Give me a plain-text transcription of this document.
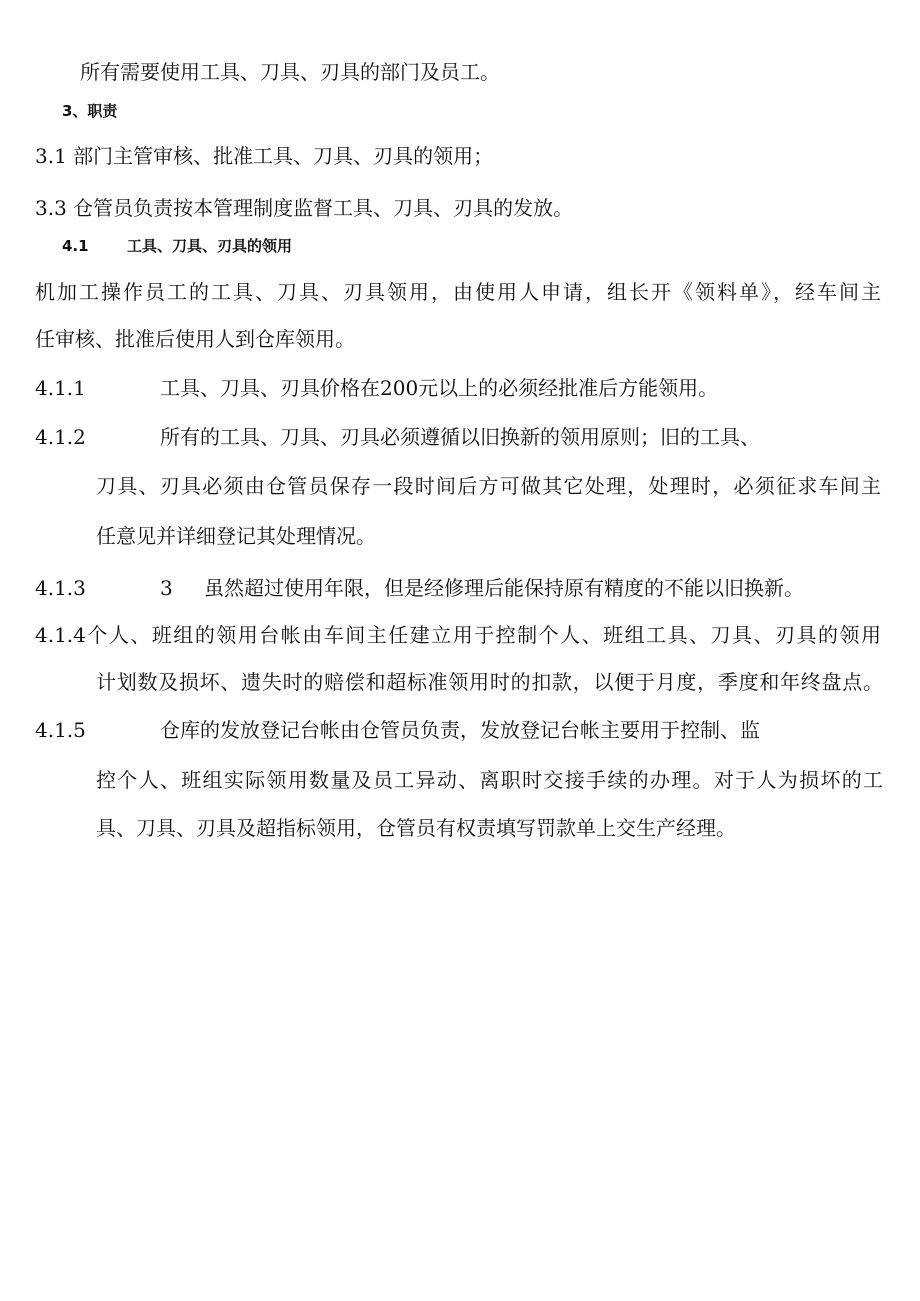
所有需要使用工具、刀具、刃具的部门及员工。
3、职责
3.1 部门主管审核、批准工具、刀具、刃具的领用；
3.3 仓管员负责按本管理制度监督工具、刀具、刃具的发放。
4.1	工具、刀具、刃具的领用
机加工操作员工的工具、刀具、刃具领用，由使用人申请，组长开《领料单》，经车间主
任审核、批准后使用人到仓库领用。
4.1.1	工具、刀具、刃具价格在200元以上的必须经批准后方能领用。
4.1.2	所有的工具、刀具、刃具必须遵循以旧换新的领用原则；旧的工具、
刀具、刃具必须由仓管员保存一段时间后方可做其它处理，处理时，必须征求车间主
任意见并详细登记其处理情况。
4.1.3	3 虽然超过使用年限，但是经修理后能保持原有精度的不能以旧换新。
4.1.4个人、班组的领用台帐由车间主任建立用于控制个人、班组工具、刀具、刃具的领用
计划数及损坏、遗失时的赔偿和超标准领用时的扣款，以便于月度，季度和年终盘点。
4.1.5	仓库的发放登记台帐由仓管员负责，发放登记台帐主要用于控制、监
控个人、班组实际领用数量及员工异动、离职时交接手续的办理。对于人为损坏的工
具、刀具、刃具及超指标领用，仓管员有权责填写罚款单上交生产经理。
